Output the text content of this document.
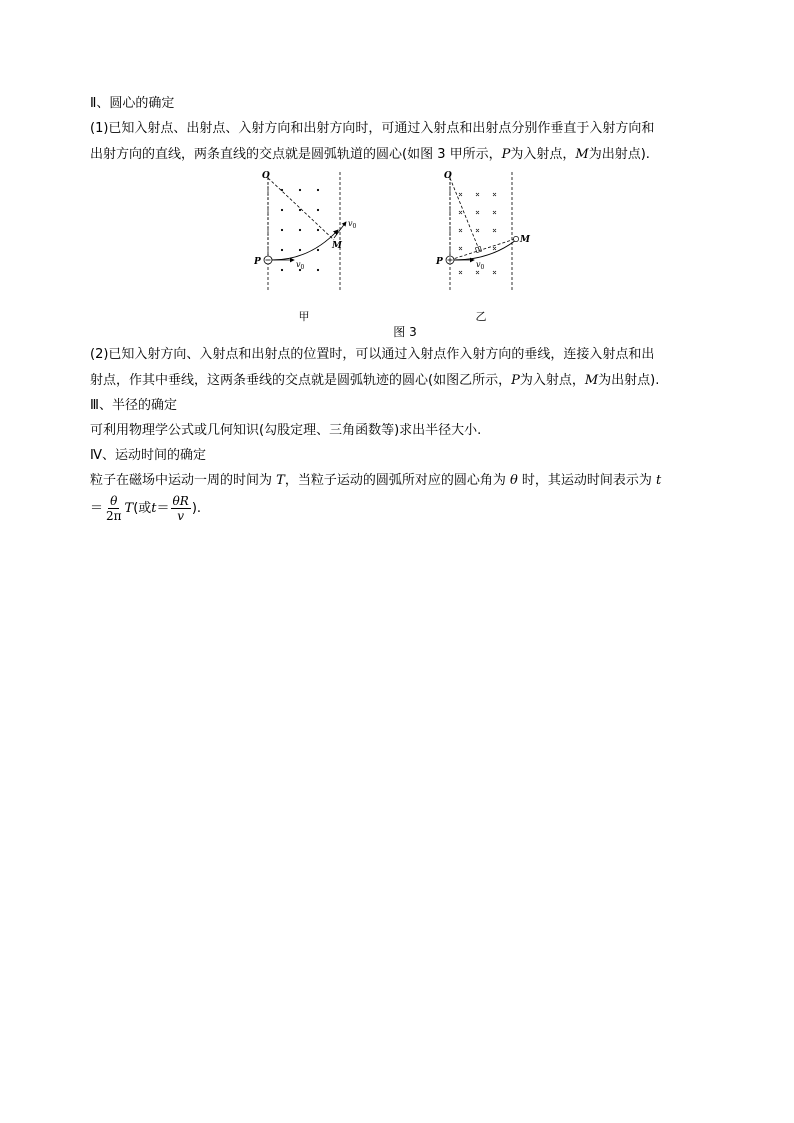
Ⅱ、圆心的确定

(1)已知入射点、出射点、入射方向和出射方向时，可通过入射点和出射点分别作垂直于入射方向和
出射方向的直线，两条直线的交点就是圆弧轨道的圆心(如图 3 甲所示，P为入射点，M为出射点).

O
M
P
$v_0$
$v_0$
甲
O
M
P	$v_0$
乙

图 3

(2)已知入射方向、入射点和出射点的位置时，可以通过入射点作入射方向的垂线，连接入射点和出
射点，作其中垂线，这两条垂线的交点就是圆弧轨迹的圆心(如图乙所示，P为入射点，M为出射点).

Ⅲ、半径的确定

可利用物理学公式或几何知识(勾股定理、三角函数等)求出半径大小.

Ⅳ、运动时间的确定

粒子在磁场中运动一周的时间为 T，当粒子运动的圆弧所对应的圆心角为 θ 时，其运动时间表示为 t

＝ $\frac{\theta}{2\pi}$ T (或 $t = \frac{\theta R}{v}$ ).
